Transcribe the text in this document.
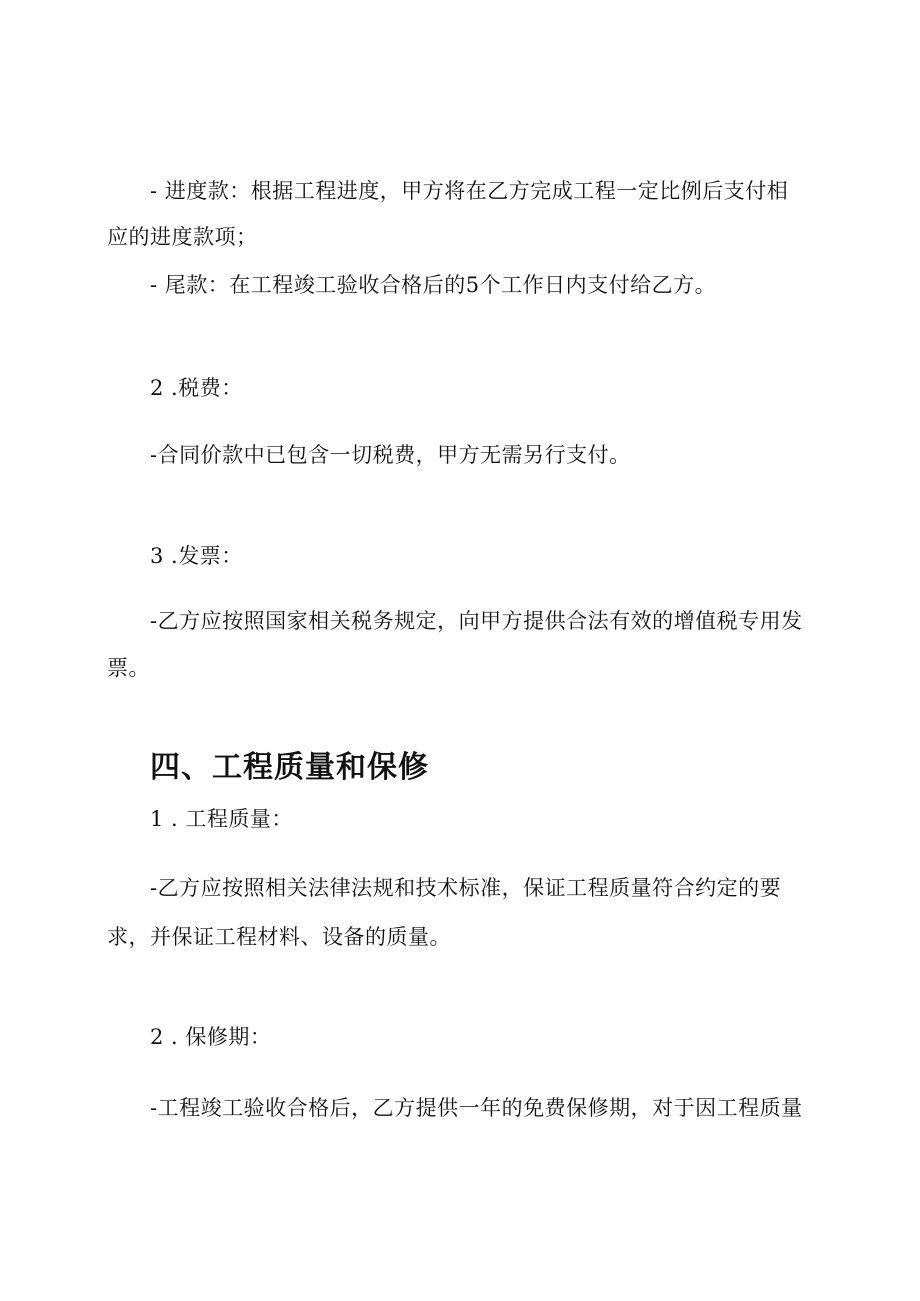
- 进度款：根据工程进度，甲方将在乙方完成工程一定比例后支付相
应的进度款项；
- 尾款：在工程竣工验收合格后的5个工作日内支付给乙方。
2 .税费：
-合同价款中已包含一切税费，甲方无需另行支付。
3 .发票：
-乙方应按照国家相关税务规定，向甲方提供合法有效的增值税专用发
票。
四、工程质量和保修
1 . 工程质量：
-乙方应按照相关法律法规和技术标准，保证工程质量符合约定的要
求，并保证工程材料、设备的质量。
2 . 保修期：
-工程竣工验收合格后，乙方提供一年的免费保修期，对于因工程质量
